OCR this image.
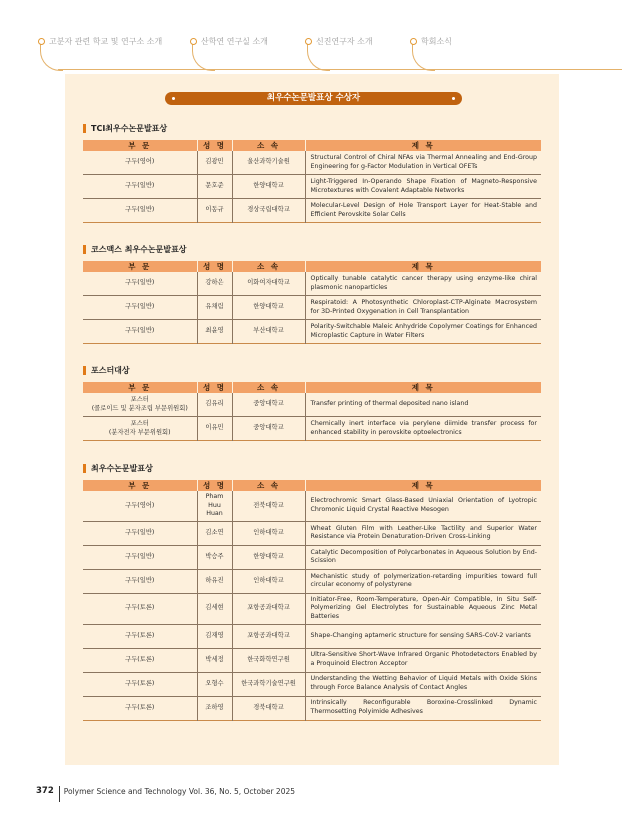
고분자 관련 학교 및 연구소 소개	산학연 연구실 소개	신진연구자 소개	학회소식
최우수논문발표상 수상자
TCI최우수논문발표상
부 문	성 명	소 속	제 목
구두(영어)	김광민	울산과학기술원	Structural Control of Chiral NFAs via Thermal Annealing and End-Group Engineering for g-Factor Modulation in Vertical OFETs
구두(일반)	문호준	한양대학교	Light-Triggered In-Operando Shape Fixation of Magneto-Responsive Microtextures with Covalent Adaptable Networks
구두(일반)	이동규	경상국립대학교	Molecular-Level Design of Hole Transport Layer for Heat-Stable and Efficient Perovskite Solar Cells
코스맥스 최우수논문발표상
부 문	성 명	소 속	제 목
구두(일반)	강하은	이화여자대학교	Optically tunable catalytic cancer therapy using enzyme-like chiral plasmonic nanoparticles
구두(일반)	유채림	한양대학교	Respiratoid: A Photosynthetic Chloroplast-CTP-Alginate Macrosystem for 3D-Printed Oxygenation in Cell Transplantation
구두(일반)	최윤영	부산대학교	Polarity-Switchable Maleic Anhydride Copolymer Coatings for Enhanced Microplastic Capture in Water Filters
포스터대상
부 문	성 명	소 속	제 목

포스터
(콜로이드 및 분자조립 부문위원회)	김유리	중앙대학교	Transfer printing of thermal deposited nano island

포스터
(분자전자 부문위원회)	이유민	중앙대학교	Chemically inert interface via perylene diimide transfer process for enhanced stability in perovskite optoelectronics
최우수논문발표상
부 문	성 명	소 속	제 목
구두(영어)	Pham Huu Huan	전북대학교	Electrochromic Smart Glass-Based Uniaxial Orientation of Lyotropic Chromonic Liquid Crystal Reactive Mesogen
구두(일반)	김소연	인하대학교	Wheat Gluten Film with Leather-Like Tactility and Superior Water Resistance via Protein Denaturation-Driven Cross-Linking
구두(일반)	박승주	한양대학교	Catalytic Decomposition of Polycarbonates in Aqueous Solution by End-Scission
구두(일반)	하유진	인하대학교	Mechanistic study of polymerization-retarding impurities toward full circular economy of polystyrene
구두(토론)	김세현	포항공과대학교	Initiator-Free, Room-Temperature, Open-Air Compatible, In Situ Self-Polymerizing Gel Electrolytes for Sustainable Aqueous Zinc Metal Batteries
구두(토론)	김재영	포항공과대학교	Shape-Changing aptameric structure for sensing SARS-CoV-2 variants
구두(토론)	박세정	한국화학연구원	Ultra-Sensitive Short-Wave Infrared Organic Photodetectors Enabled by a Proquinoid Electron Acceptor
구두(토론)	오형수	한국과학기술연구원	Understanding the Wetting Behavior of Liquid Metals with Oxide Skins through Force Balance Analysis of Contact Angles
구두(토론)	조하영	경북대학교	Intrinsically Reconfigurable Boroxine-Crosslinked Dynamic Thermosetting Polyimide Adhesives
372 Polymer Science and Technology Vol. 36, No. 5, October 2025
